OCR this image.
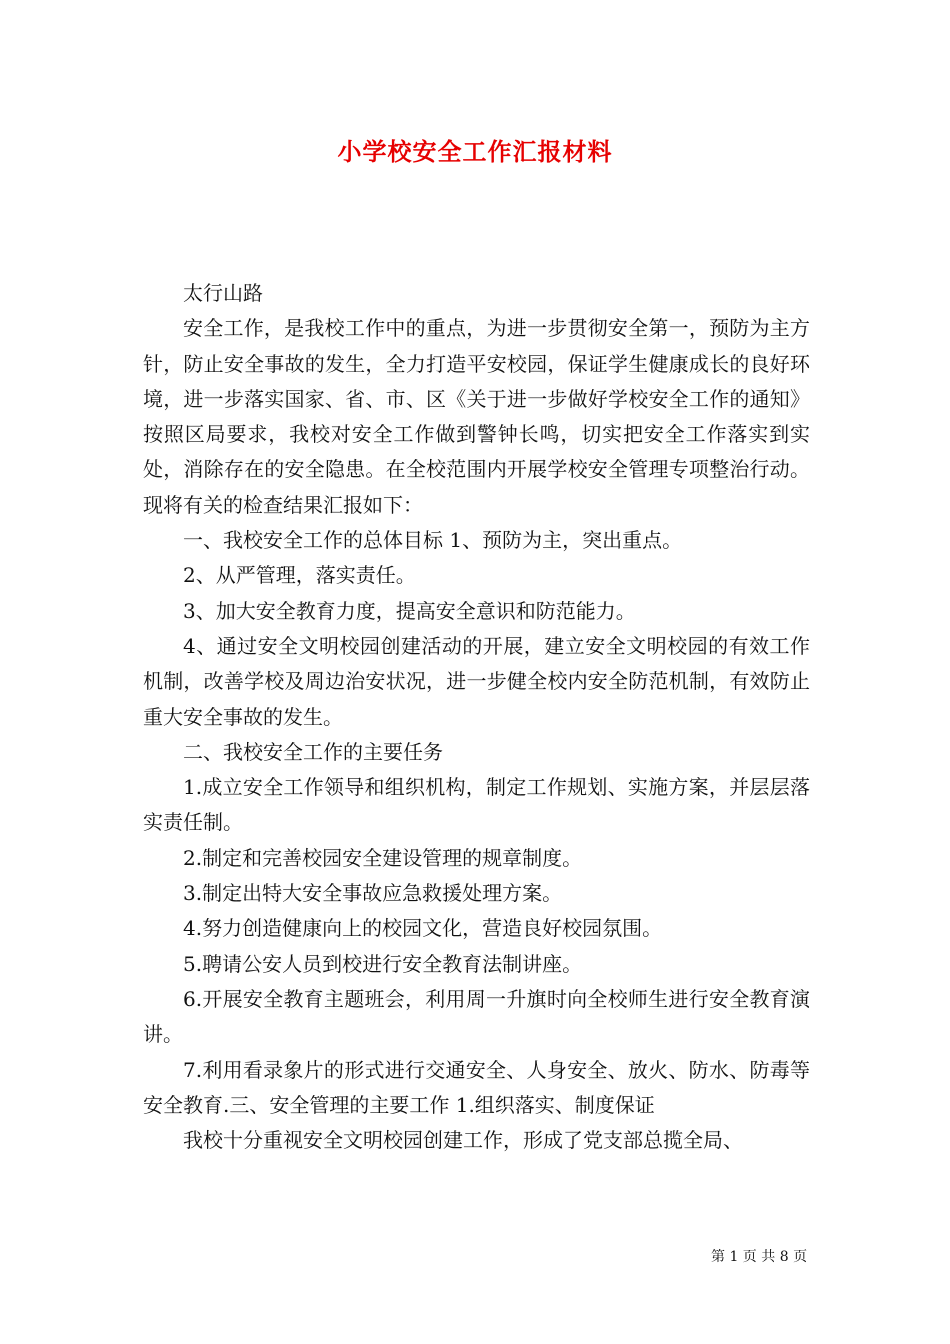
小学校安全工作汇报材料

太行山路

安全工作，是我校工作中的重点，为进一步贯彻安全第一，预防为主方针，防止安全事故的发生，全力打造平安校园，保证学生健康成长的良好环境，进一步落实国家、省、市、区《关于进一步做好学校安全工作的通知》按照区局要求，我校对安全工作做到警钟长鸣，切实把安全工作落实到实处，消除存在的安全隐患。在全校范围内开展学校安全管理专项整治行动。现将有关的检查结果汇报如下：

一、我校安全工作的总体目标 1、预防为主，突出重点。

2、从严管理，落实责任。

3、加大安全教育力度，提高安全意识和防范能力。

4、通过安全文明校园创建活动的开展，建立安全文明校园的有效工作机制，改善学校及周边治安状况，进一步健全校内安全防范机制，有效防止重大安全事故的发生。

二、我校安全工作的主要任务

1.成立安全工作领导和组织机构，制定工作规划、实施方案，并层层落实责任制。

2.制定和完善校园安全建设管理的规章制度。

3.制定出特大安全事故应急救援处理方案。

4.努力创造健康向上的校园文化，营造良好校园氛围。

5.聘请公安人员到校进行安全教育法制讲座。

6.开展安全教育主题班会，利用周一升旗时向全校师生进行安全教育演讲。

7.利用看录象片的形式进行交通安全、人身安全、放火、防水、防毒等安全教育.三、安全管理的主要工作 1.组织落实、制度保证

我校十分重视安全文明校园创建工作，形成了党支部总揽全局、

第 1 页 共 8 页
